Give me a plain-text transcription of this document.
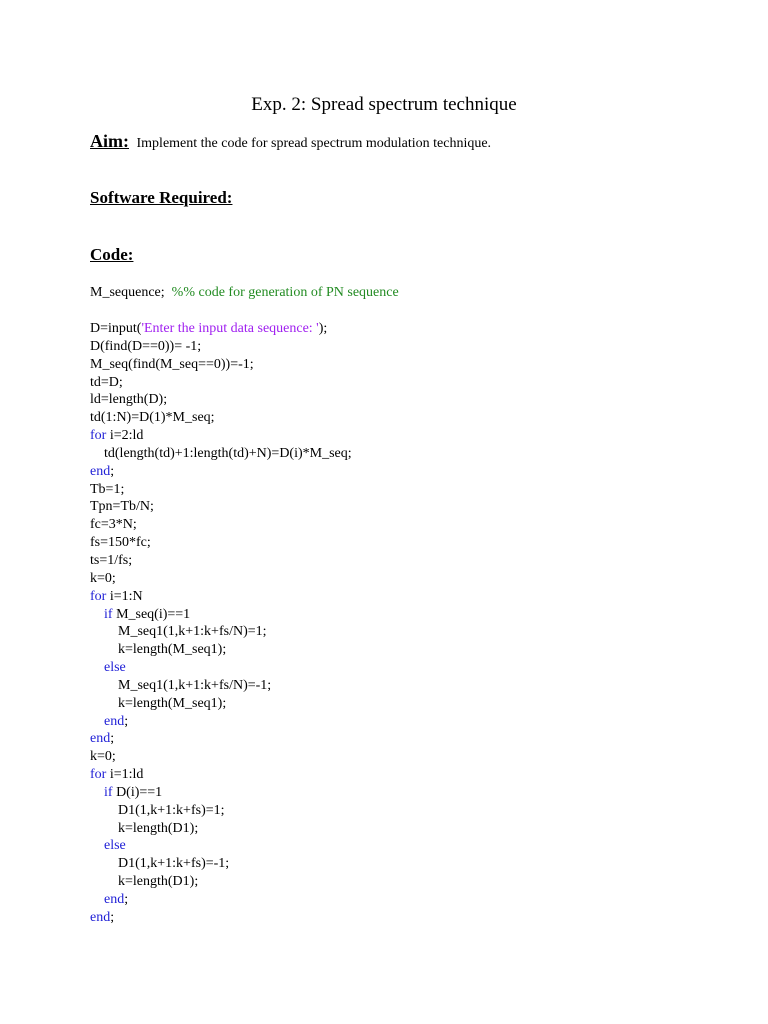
Exp. 2: Spread spectrum technique
Aim: Implement the code for spread spectrum modulation technique.
Software Required:
Code:
M_sequence;  %% code for generation of PN sequence
D=input('Enter the input data sequence: ');
D(find(D==0))= -1;
M_seq(find(M_seq==0))=-1;
td=D;
ld=length(D);
td(1:N)=D(1)*M_seq;
for i=2:ld
td(length(td)+1:length(td)+N)=D(i)*M_seq;
end;
Tb=1;
Tpn=Tb/N;
fc=3*N;
fs=150*fc;
ts=1/fs;
k=0;
for i=1:N
if M_seq(i)==1
M_seq1(1,k+1:k+fs/N)=1;
k=length(M_seq1);
else
M_seq1(1,k+1:k+fs/N)=-1;
k=length(M_seq1);
end;
end;
k=0;
for i=1:ld
if D(i)==1
D1(1,k+1:k+fs)=1;
k=length(D1);
else
D1(1,k+1:k+fs)=-1;
k=length(D1);
end;
end;
